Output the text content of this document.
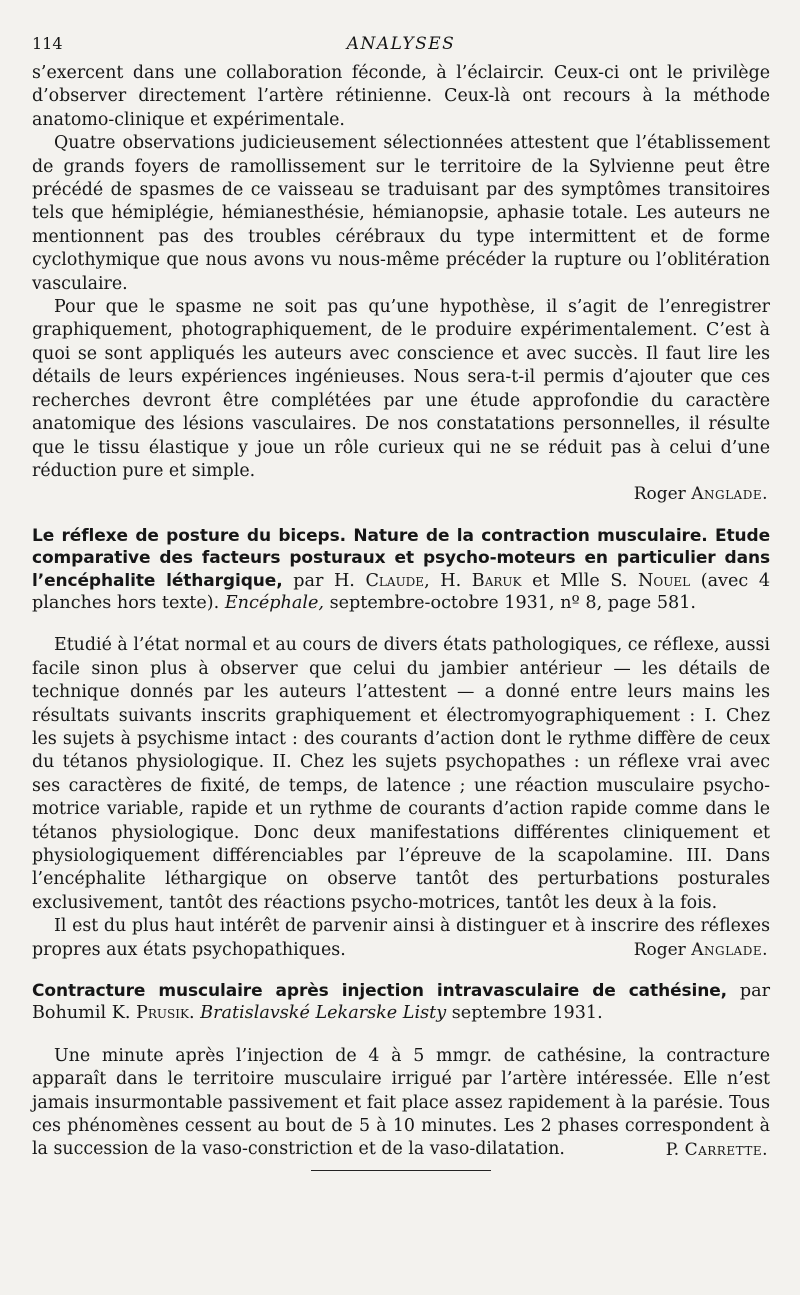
114	ANALYSES

s’exercent dans une collaboration féconde, à l’éclaircir. Ceux-ci ont le privilège d’observer directement l’artère rétinienne. Ceux-là ont recours à la méthode anatomo-clinique et expérimentale.

Quatre observations judicieusement sélectionnées attestent que l’établissement de grands foyers de ramollissement sur le territoire de la Sylvienne peut être précédé de spasmes de ce vaisseau se traduisant par des symptômes transitoires tels que hémiplégie, hémianesthésie, hémianopsie, aphasie totale. Les auteurs ne mentionnent pas des troubles cérébraux du type intermittent et de forme cyclothymique que nous avons vu nous-même précéder la rupture ou l’oblitération vasculaire.

Pour que le spasme ne soit pas qu’une hypothèse, il s’agit de l’enregistrer graphiquement, photographiquement, de le produire expérimentalement. C’est à quoi se sont appliqués les auteurs avec conscience et avec succès. Il faut lire les détails de leurs expériences ingénieuses. Nous sera-t-il permis d’ajouter que ces recherches devront être complétées par une étude approfondie du caractère anatomique des lésions vasculaires. De nos constatations personnelles, il résulte que le tissu élastique y joue un rôle curieux qui ne se réduit pas à celui d’une réduction pure et simple.

Roger Anglade.
Le réflexe de posture du biceps. Nature de la contraction musculaire. Etude comparative des facteurs posturaux et psycho-moteurs en particulier dans l’encéphalite léthargique, par H. Claude, H. Baruk et Mlle S. Nouel (avec 4 planches hors texte). Encéphale, septembre-octobre 1931, nº 8, page 581.

Etudié à l’état normal et au cours de divers états pathologiques, ce réflexe, aussi facile sinon plus à observer que celui du jambier antérieur — les détails de technique donnés par les auteurs l’attestent — a donné entre leurs mains les résultats suivants inscrits graphiquement et électromyographiquement : I. Chez les sujets à psychisme intact : des courants d’action dont le rythme diffère de ceux du tétanos physiologique. II. Chez les sujets psychopathes : un réflexe vrai avec ses caractères de fixité, de temps, de latence ; une réaction musculaire psycho-motrice variable, rapide et un rythme de courants d’action rapide comme dans le tétanos physiologique. Donc deux manifestations différentes cliniquement et physiologiquement différenciables par l’épreuve de la scapolamine. III. Dans l’encéphalite léthargique on observe tantôt des perturbations posturales exclusivement, tantôt des réactions psycho-motrices, tantôt les deux à la fois.

Il est du plus haut intérêt de parvenir ainsi à distinguer et à inscrire des réflexes propres aux états psychopathiques.	Roger Anglade.
Contracture musculaire après injection intravasculaire de cathésine, par Bohumil K. Prusik. Bratislavské Lekarske Listy septembre 1931.

Une minute après l’injection de 4 à 5 mmgr. de cathésine, la contracture apparaît dans le territoire musculaire irrigué par l’artère intéressée. Elle n’est jamais insurmontable passivement et fait place assez rapidement à la parésie. Tous ces phénomènes cessent au bout de 5 à 10 minutes. Les 2 phases correspondent à la succession de la vaso-constriction et de la vaso-dilatation.	P. Carrette.
